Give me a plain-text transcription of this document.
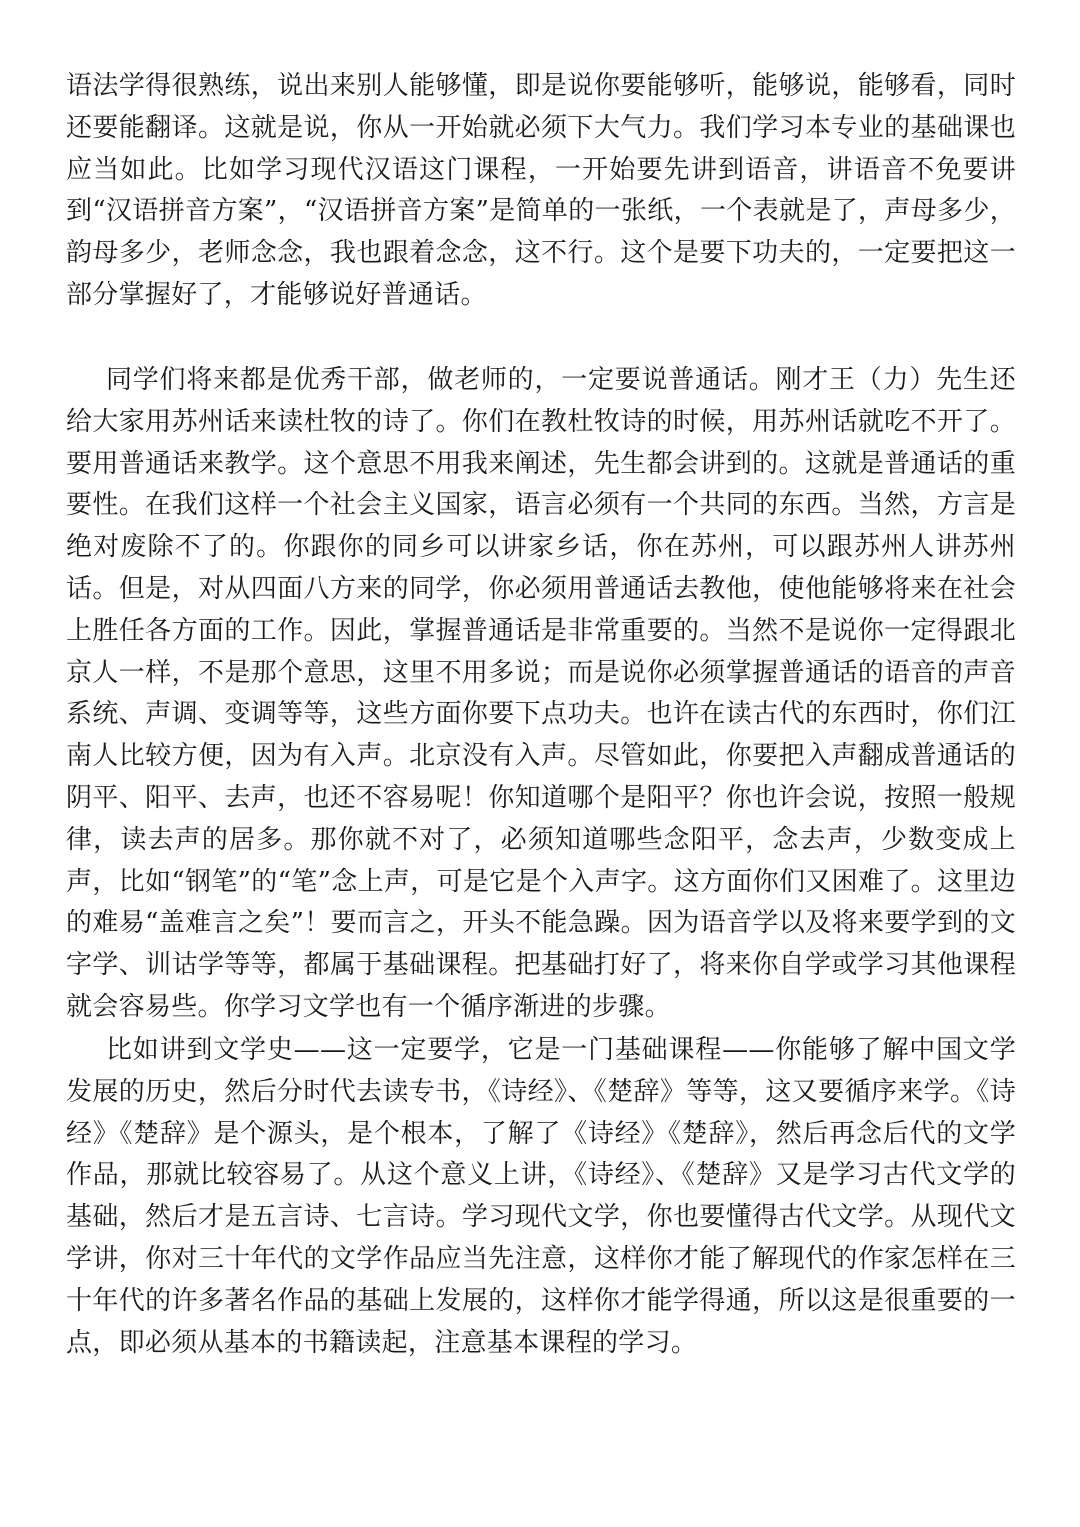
语法学得很熟练，说出来别人能够懂，即是说你要能够听，能够说，能够看，同时还要能翻译。这就是说，你从一开始就必须下大气力。我们学习本专业的基础课也应当如此。比如学习现代汉语这门课程，一开始要先讲到语音，讲语音不免要讲到“汉语拼音方案”，“汉语拼音方案”是简单的一张纸，一个表就是了，声母多少，韵母多少，老师念念，我也跟着念念，这不行。这个是要下功夫的，一定要把这一部分掌握好了，才能够说好普通话。

同学们将来都是优秀干部，做老师的，一定要说普通话。刚才王（力）先生还给大家用苏州话来读杜牧的诗了。你们在教杜牧诗的时候，用苏州话就吃不开了。要用普通话来教学。这个意思不用我来阐述，先生都会讲到的。这就是普通话的重要性。在我们这样一个社会主义国家，语言必须有一个共同的东西。当然，方言是绝对废除不了的。你跟你的同乡可以讲家乡话，你在苏州，可以跟苏州人讲苏州话。但是，对从四面八方来的同学，你必须用普通话去教他，使他能够将来在社会上胜任各方面的工作。因此，掌握普通话是非常重要的。当然不是说你一定得跟北京人一样，不是那个意思，这里不用多说；而是说你必须掌握普通话的语音的声音系统、声调、变调等等，这些方面你要下点功夫。也许在读古代的东西时，你们江南人比较方便，因为有入声。北京没有入声。尽管如此，你要把入声翻成普通话的阴平、阳平、去声，也还不容易呢！你知道哪个是阳平？你也许会说，按照一般规律，读去声的居多。那你就不对了，必须知道哪些念阳平，念去声，少数变成上声，比如“钢笔”的“笔”念上声，可是它是个入声字。这方面你们又困难了。这里边的难易“盖难言之矣”！要而言之，开头不能急躁。因为语音学以及将来要学到的文字学、训诂学等等，都属于基础课程。把基础打好了，将来你自学或学习其他课程就会容易些。你学习文学也有一个循序渐进的步骤。

比如讲到文学史——这一定要学，它是一门基础课程——你能够了解中国文学发展的历史，然后分时代去读专书，《诗经》、《楚辞》等等，这又要循序来学。《诗经》《楚辞》是个源头，是个根本，了解了《诗经》《楚辞》，然后再念后代的文学作品，那就比较容易了。从这个意义上讲，《诗经》、《楚辞》又是学习古代文学的基础，然后才是五言诗、七言诗。学习现代文学，你也要懂得古代文学。从现代文学讲，你对三十年代的文学作品应当先注意，这样你才能了解现代的作家怎样在三十年代的许多著名作品的基础上发展的，这样你才能学得通，所以这是很重要的一点，即必须从基本的书籍读起，注意基本课程的学习。
